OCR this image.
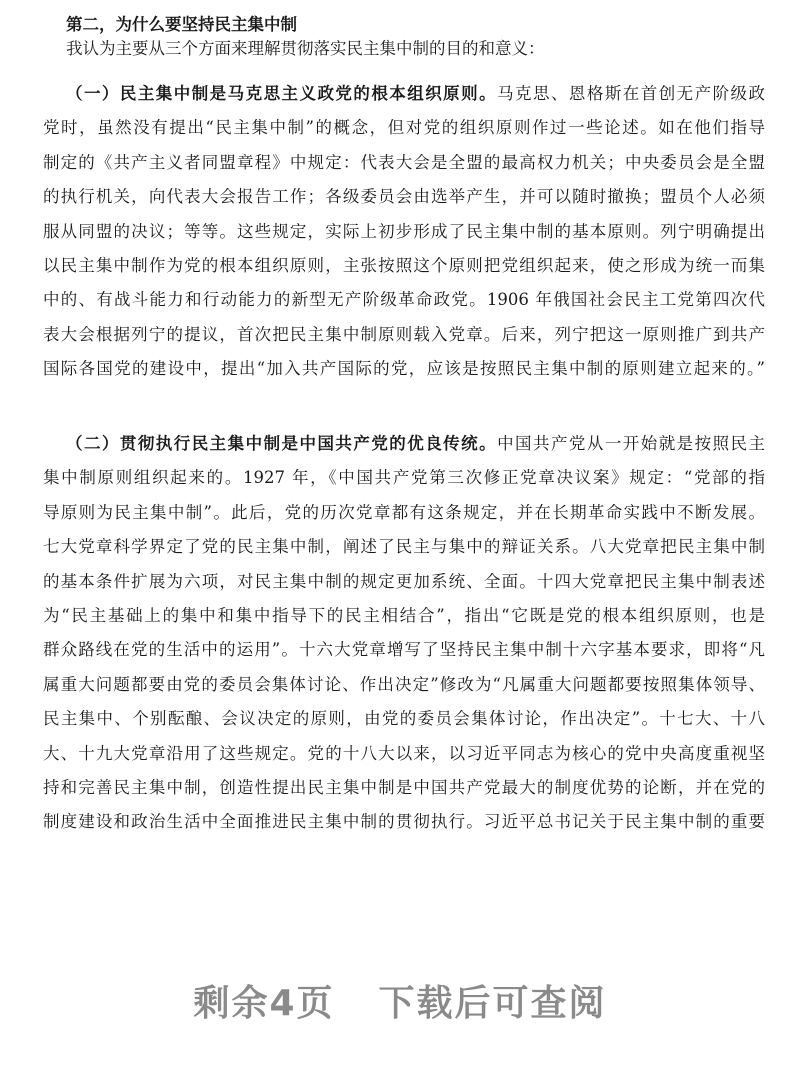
第二，为什么要坚持民主集中制
我认为主要从三个方面来理解贯彻落实民主集中制的目的和意义：
（一）民主集中制是马克思主义政党的根本组织原则。马克思、恩格斯在首创无产阶级政
党时，虽然没有提出“民主集中制”的概念，但对党的组织原则作过一些论述。如在他们指导
制定的《共产主义者同盟章程》中规定：代表大会是全盟的最高权力机关；中央委员会是全盟
的执行机关，向代表大会报告工作；各级委员会由选举产生，并可以随时撤换；盟员个人必须
服从同盟的决议；等等。这些规定，实际上初步形成了民主集中制的基本原则。列宁明确提出
以民主集中制作为党的根本组织原则，主张按照这个原则把党组织起来，使之形成为统一而集
中的、有战斗能力和行动能力的新型无产阶级革命政党。1906 年俄国社会民主工党第四次代
表大会根据列宁的提议，首次把民主集中制原则载入党章。后来，列宁把这一原则推广到共产
国际各国党的建设中，提出“加入共产国际的党，应该是按照民主集中制的原则建立起来的。”
（二）贯彻执行民主集中制是中国共产党的优良传统。中国共产党从一开始就是按照民主
集中制原则组织起来的。1927 年，《中国共产党第三次修正党章决议案》规定：“党部的指
导原则为民主集中制”。此后，党的历次党章都有这条规定，并在长期革命实践中不断发展。
七大党章科学界定了党的民主集中制，阐述了民主与集中的辩证关系。八大党章把民主集中制
的基本条件扩展为六项，对民主集中制的规定更加系统、全面。十四大党章把民主集中制表述
为“民主基础上的集中和集中指导下的民主相结合”，指出“它既是党的根本组织原则，也是
群众路线在党的生活中的运用”。十六大党章增写了坚持民主集中制十六字基本要求，即将“凡
属重大问题都要由党的委员会集体讨论、作出决定”修改为“凡属重大问题都要按照集体领导、
民主集中、个别酝酿、会议决定的原则，由党的委员会集体讨论，作出决定”。十七大、十八
大、十九大党章沿用了这些规定。党的十八大以来，以习近平同志为核心的党中央高度重视坚
持和完善民主集中制，创造性提出民主集中制是中国共产党最大的制度优势的论断，并在党的
制度建设和政治生活中全面推进民主集中制的贯彻执行。习近平总书记关于民主集中制的重要
剩余4页 下载后可查阅
